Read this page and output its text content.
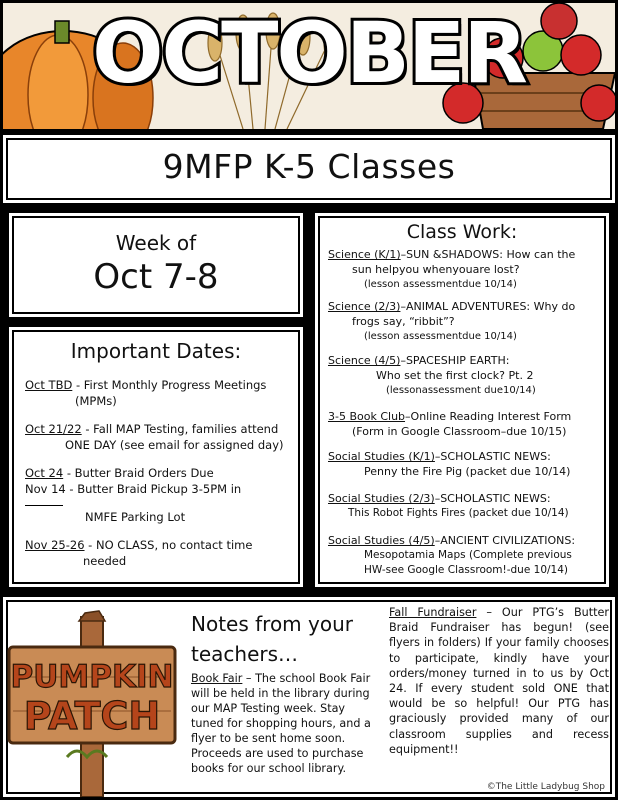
OCTOBER
9MFP K-5 Classes
Week of
Oct 7-8
Important Dates:
Oct TBD - First Monthly Progress Meetings
(MPMs)
Oct 21/22 - Fall MAP Testing, families attend
ONE DAY (see email for assigned day)
Oct 24 - Butter Braid Orders Due
Nov 14 - Butter Braid Pickup 3-5PM in
NMFE Parking Lot
Nov 25-26 - NO CLASS, no contact time
needed
Class Work:
Science (K/1)–SUN &SHADOWS: How can the
sun helpyou whenyouare lost?
(lesson assessmentdue 10/14)
Science (2/3)–ANIMAL ADVENTURES: Why do
frogs say, “ribbit”?
(lesson assessmentdue 10/14)
Science (4/5)–SPACESHIP EARTH:
Who set the first clock? Pt. 2
(lessonassessment due10/14)
3-5 Book Club–Online Reading Interest Form
(Form in Google Classroom–due 10/15)
Social Studies (K/1)–SCHOLASTIC NEWS:
Penny the Fire Pig (packet due 10/14)
Social Studies (2/3)–SCHOLASTIC NEWS:
This Robot Fights Fires (packet due 10/14)
Social Studies (4/5)–ANCIENT CIVILIZATIONS:
Mesopotamia Maps (Complete previous
HW-see Google Classroom!-due 10/14)
PUMPKIN
PATCH
Notes from your teachers…
Book Fair – The school Book Fair will be held in the library during our MAP Testing week. Stay tuned for shopping hours, and a flyer to be sent home soon. Proceeds are used to purchase books for our school library.
Fall Fundraiser – Our PTG’s Butter Braid Fundraiser has begun! (see flyers in folders) If your family chooses to participate, kindly have your orders/money turned in to us by Oct 24. If every student sold ONE that would be so helpful! Our PTG has graciously provided many of our classroom supplies and recess equipment!!
©The Little Ladybug Shop
